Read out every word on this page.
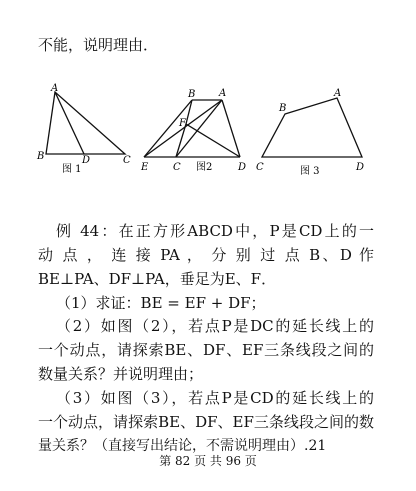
不能，说明理由．
A
B	D	C
图 1
B A
F
E C 图2	D
B
A
C	图 3	D
例 44：在正方形ABCD中，P是CD上的一
动 点 ， 连 接 PA ， 分 别 过 点 B、D 作
BE⊥PA、DF⊥PA，垂足为E、F．
（1）求证：BE = EF + DF；
（2）如图（2），若点P是DC的延长线上的
一个动点，请探索BE、DF、EF三条线段之间的
数量关系？并说明理由；
（3）如图（3），若点P是CD的延长线上的
一个动点，请探索BE、DF、EF三条线段之间的数
量关系？（直接写出结论，不需说明理由）.21
第 82 页 共 96 页
